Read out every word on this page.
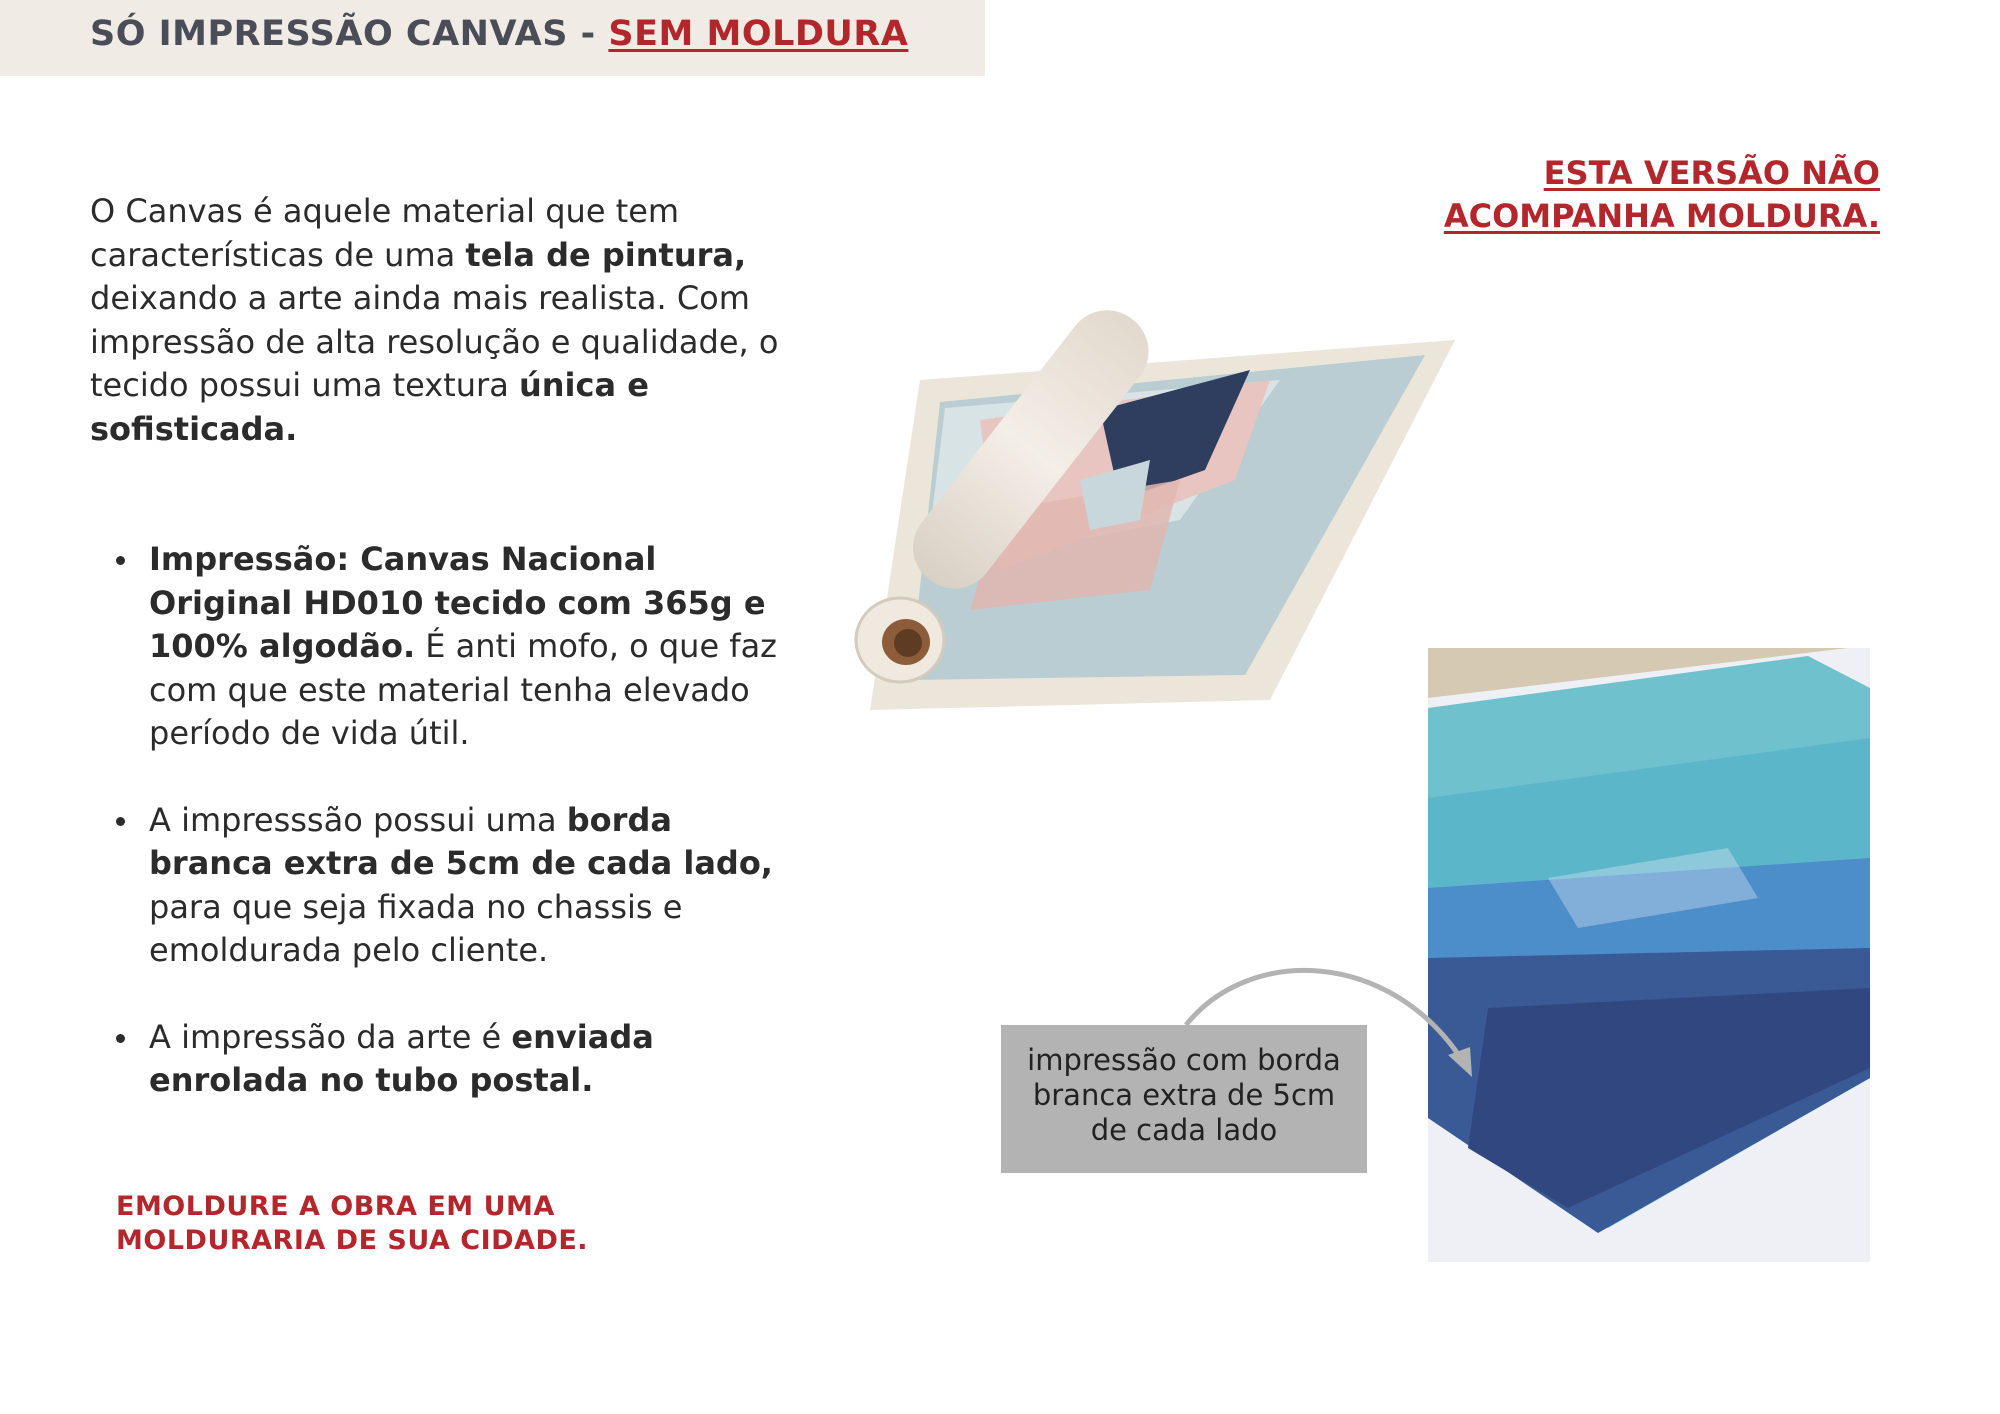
SÓ IMPRESSÃO CANVAS - SEM MOLDURA
O Canvas é aquele material que tem características de uma tela de pintura, deixando a arte ainda mais realista. Com impressão de alta resolução e qualidade, o tecido possui uma textura única e sofisticada.
Impressão: Canvas Nacional Original HD010 tecido com 365g e 100% algodão. É anti mofo, o que faz com que este material tenha elevado período de vida útil.
A impresssão possui uma borda branca extra de 5cm de cada lado, para que seja fixada no chassis e emoldurada pelo cliente.
A impressão da arte é enviada enrolada no tubo postal.
EMOLDURE A OBRA EM UMA
MOLDURARIA DE SUA CIDADE.
ESTA VERSÃO NÃO
ACOMPANHA MOLDURA.
impressão com borda
branca extra de 5cm
de cada lado
